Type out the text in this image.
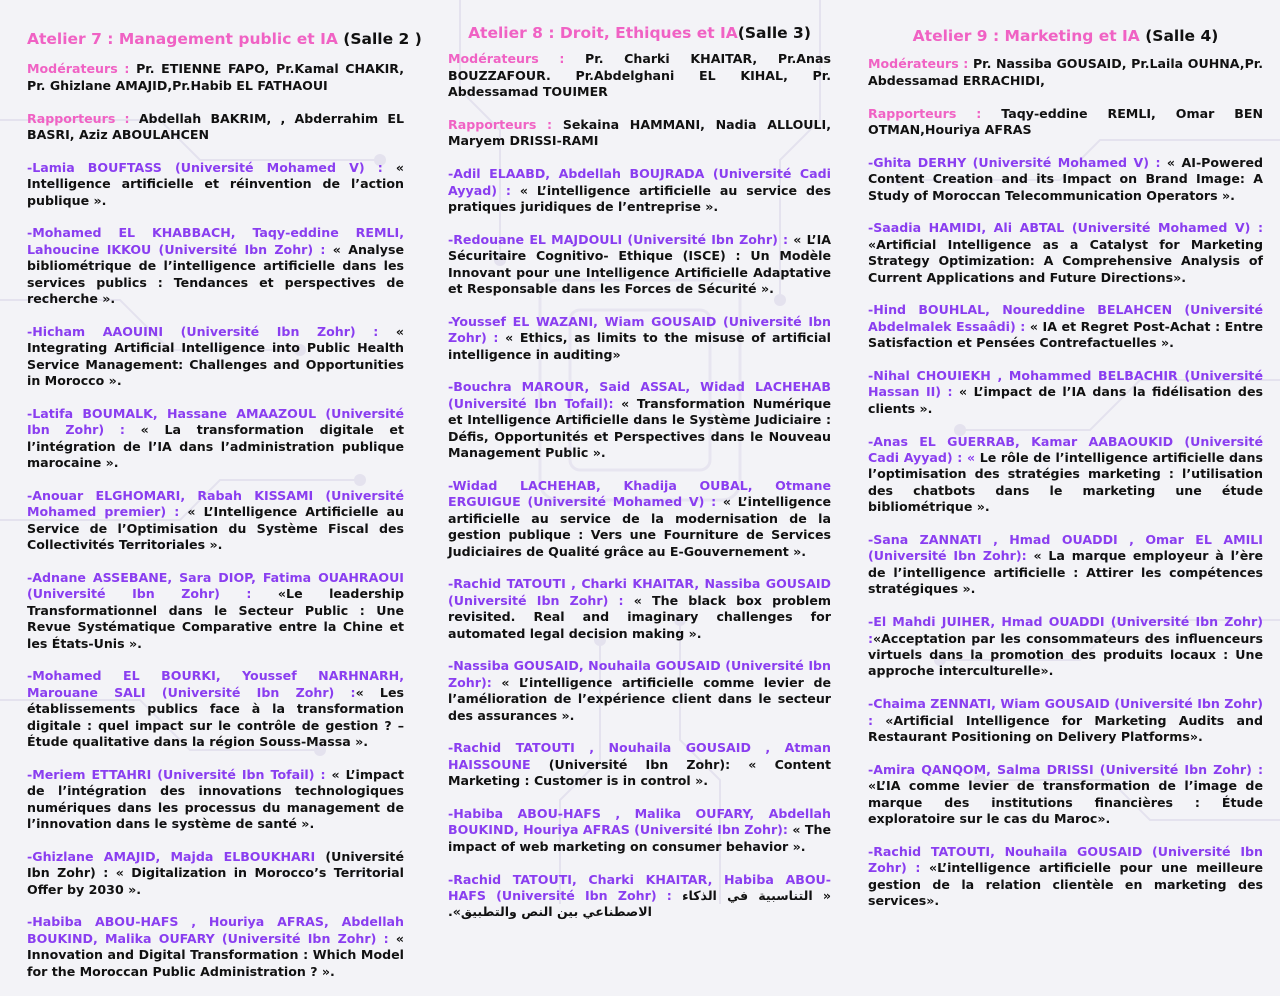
Atelier 7 : Management public et IA (Salle 2 )
Modérateurs : Pr. ETIENNE FAPO, Pr.Kamal CHAKIR, Pr. Ghizlane AMAJID,Pr.Habib EL FATHAOUI
Rapporteurs : Abdellah BAKRIM, , Abderrahim EL BASRI, Aziz ABOULAHCEN
-Lamia BOUFTASS (Université Mohamed V) : « Intelligence artificielle et réinvention de l’action publique ».
-Mohamed EL KHABBACH, Taqy-eddine REMLI, Lahoucine IKKOU (Université Ibn Zohr) : « Analyse bibliométrique de l’intelligence artificielle dans les services publics : Tendances et perspectives de recherche ».
-Hicham AAOUINI (Université Ibn Zohr) : « Integrating Artificial Intelligence into Public Health Service Management: Challenges and Opportunities in Morocco ».
-Latifa BOUMALK, Hassane AMAAZOUL (Université Ibn Zohr) : « La transformation digitale et l’intégration de l’IA dans l’administration publique marocaine ».
-Anouar ELGHOMARI, Rabah KISSAMI (Université Mohamed premier) : « L’Intelligence Artificielle au Service de l’Optimisation du Système Fiscal des Collectivités Territoriales ».
-Adnane ASSEBANE, Sara DIOP, Fatima OUAHRAOUI (Université Ibn Zohr) : «Le leadership Transformationnel dans le Secteur Public : Une Revue Systématique Comparative entre la Chine et les États-Unis ».
-Mohamed EL BOURKI, Youssef NARHNARH, Marouane SALI (Université Ibn Zohr) :« Les établissements publics face à la transformation digitale : quel impact sur le contrôle de gestion ? – Étude qualitative dans la région Souss-Massa ».
-Meriem ETTAHRI (Université Ibn Tofail) : « L’impact de l’intégration des innovations technologiques numériques dans les processus du management de l’innovation dans le système de santé ».
-Ghizlane AMAJID, Majda ELBOUKHARI (Université Ibn Zohr) : « Digitalization in Morocco’s Territorial Offer by 2030 ».
-Habiba ABOU-HAFS , Houriya AFRAS, Abdellah BOUKIND, Malika OUFARY (Université Ibn Zohr) : « Innovation and Digital Transformation : Which Model for the Moroccan Public Administration ? ».
Atelier 8 : Droit, Ethiques et IA(Salle 3)
Modérateurs : Pr. Charki KHAITAR, Pr.Anas BOUZZAFOUR. Pr.Abdelghani EL KIHAL, Pr. Abdessamad TOUIMER
Rapporteurs : Sekaina HAMMANI, Nadia ALLOULI, Maryem DRISSI-RAMI
-Adil ELAABD, Abdellah BOUJRADA (Université Cadi Ayyad) : « L’intelligence artificielle au service des pratiques juridiques de l’entreprise ».
-Redouane EL MAJDOULI (Université Ibn Zohr) : « L’IA Sécuritaire Cognitivo- Ethique (ISCE) : Un Modèle Innovant pour une Intelligence Artificielle Adaptative et Responsable dans les Forces de Sécurité ».
-Youssef EL WAZANI, Wiam GOUSAID (Université Ibn Zohr) : « Ethics, as limits to the misuse of artificial intelligence in auditing»
-Bouchra MAROUR, Said ASSAL, Widad LACHEHAB (Université Ibn Tofail): « Transformation Numérique et Intelligence Artificielle dans le Système Judiciaire : Défis, Opportunités et Perspectives dans le Nouveau Management Public ».
-Widad LACHEHAB, Khadija OUBAL, Otmane ERGUIGUE (Université Mohamed V) : « L’intelligence artificielle au service de la modernisation de la gestion publique : Vers une Fourniture de Services Judiciaires de Qualité grâce au E-Gouvernement ».
-Rachid TATOUTI , Charki KHAITAR, Nassiba GOUSAID (Université Ibn Zohr) : « The black box problem revisited. Real and imaginary challenges for automated legal decision making ».
-Nassiba GOUSAID, Nouhaila GOUSAID (Université Ibn Zohr): « L’intelligence artificielle comme levier de l’amélioration de l’expérience client dans le secteur des assurances ».
-Rachid TATOUTI , Nouhaila GOUSAID , Atman HAISSOUNE (Université Ibn Zohr): « Content Marketing : Customer is in control ».
-Habiba ABOU-HAFS , Malika OUFARY, Abdellah BOUKIND, Houriya AFRAS (Université Ibn Zohr): « The impact of web marketing on consumer behavior ».
-Rachid TATOUTI, Charki KHAITAR, Habiba ABOU-HAFS (Université Ibn Zohr) : « التناسبية في الذكاء الاصطناعي بين النص والتطبيق».
Atelier 9 : Marketing et IA (Salle 4)
Modérateurs : Pr. Nassiba GOUSAID, Pr.Laila OUHNA,Pr. Abdessamad ERRACHIDI,
Rapporteurs : Taqy-eddine REMLI, Omar BEN OTMAN,Houriya AFRAS
-Ghita DERHY (Université Mohamed V) : « AI-Powered Content Creation and its Impact on Brand Image: A Study of Moroccan Telecommunication Operators ».
-Saadia HAMIDI, Ali ABTAL (Université Mohamed V) : «Artificial Intelligence as a Catalyst for Marketing Strategy Optimization: A Comprehensive Analysis of Current Applications and Future Directions».
-Hind BOUHLAL, Noureddine BELAHCEN (Université Abdelmalek Essaâdi) : « IA et Regret Post-Achat : Entre Satisfaction et Pensées Contrefactuelles ».
-Nihal CHOUIEKH , Mohammed BELBACHIR (Université Hassan II) : « L’impact de l’IA dans la fidélisation des clients ».
-Anas EL GUERRAB, Kamar AABAOUKID (Université Cadi Ayyad) : « Le rôle de l’intelligence artificielle dans l’optimisation des stratégies marketing : l’utilisation des chatbots dans le marketing une étude bibliométrique ».
-Sana ZANNATI , Hmad OUADDI , Omar EL AMILI (Université Ibn Zohr): « La marque employeur à l’ère de l’intelligence artificielle : Attirer les compétences stratégiques ».
-El Mahdi JUIHER, Hmad OUADDI (Université Ibn Zohr) :«Acceptation par les consommateurs des influenceurs virtuels dans la promotion des produits locaux : Une approche interculturelle».
-Chaima ZENNATI, Wiam GOUSAID (Université Ibn Zohr) : «Artificial Intelligence for Marketing Audits and Restaurant Positioning on Delivery Platforms».
-Amira QANQOM, Salma DRISSI (Université Ibn Zohr) : «L’IA comme levier de transformation de l’image de marque des institutions financières : Étude exploratoire sur le cas du Maroc».
-Rachid TATOUTI, Nouhaila GOUSAID (Université Ibn Zohr) : «L’intelligence artificielle pour une meilleure gestion de la relation clientèle en marketing des services».
